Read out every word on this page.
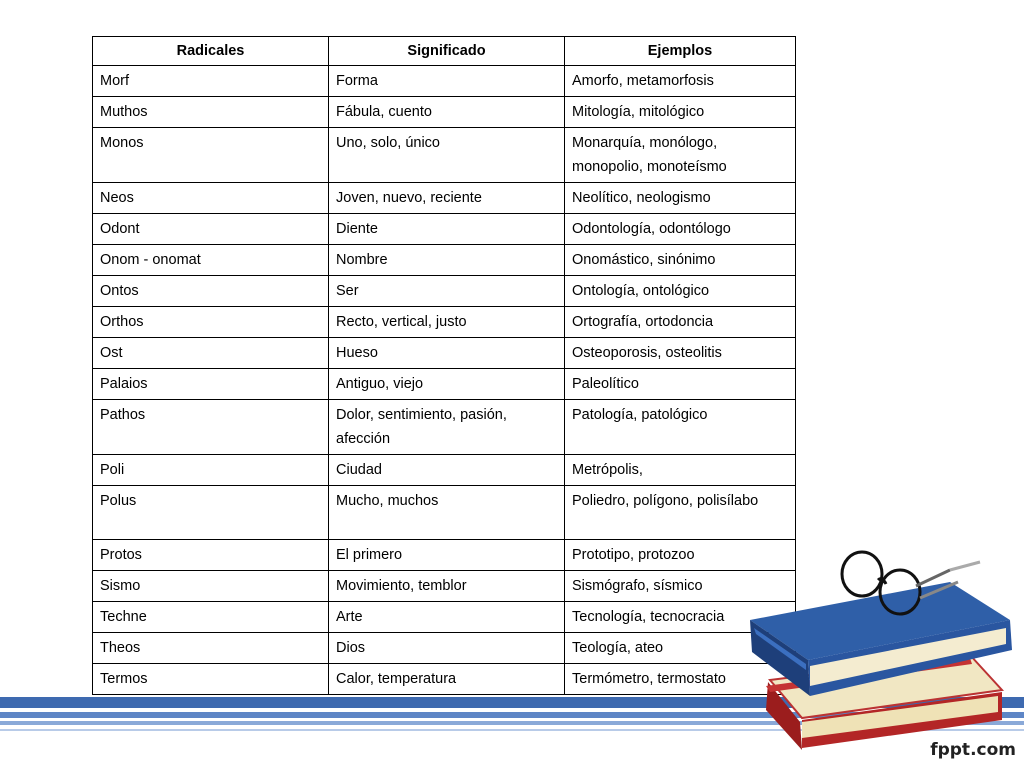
Radicales	Significado	Ejemplos
Morf	Forma	Amorfo, metamorfosis
Muthos	Fábula, cuento	Mitología, mitológico
Monos	Uno, solo, único	Monarquía, monólogo, monopolio, monoteísmo
Neos	Joven, nuevo, reciente	Neolítico, neologismo
Odont	Diente	Odontología, odontólogo
Onom - onomat	Nombre	Onomástico, sinónimo
Ontos	Ser	Ontología, ontológico
Orthos	Recto, vertical, justo	Ortografía, ortodoncia
Ost	Hueso	Osteoporosis, osteolitis
Palaios	Antiguo, viejo	Paleolítico
Pathos	Dolor, sentimiento, pasión, afección	Patología, patológico
Poli	Ciudad	Metrópolis,
Polus	Mucho, muchos	Poliedro, polígono, polisílabo
Protos	El primero	Prototipo, protozoo
Sismo	Movimiento, temblor	Sismógrafo, sísmico
Techne	Arte	Tecnología, tecnocracia
Theos	Dios	Teología, ateo
Termos	Calor, temperatura	Termómetro, termostato
fppt.com
